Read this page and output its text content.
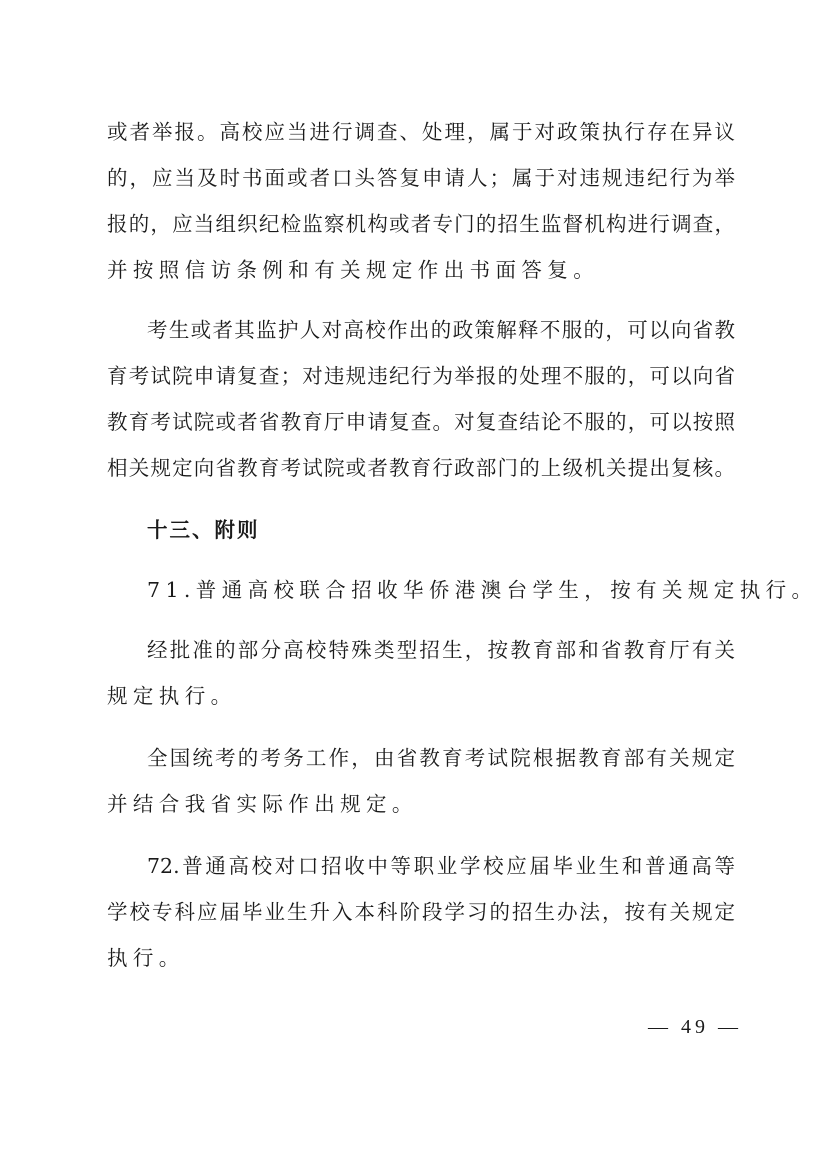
或者举报。高校应当进行调查、处理，属于对政策执行存在异议
的，应当及时书面或者口头答复申请人；属于对违规违纪行为举
报的，应当组织纪检监察机构或者专门的招生监督机构进行调查，
并按照信访条例和有关规定作出书面答复。
考生或者其监护人对高校作出的政策解释不服的，可以向省教
育考试院申请复查；对违规违纪行为举报的处理不服的，可以向省
教育考试院或者省教育厅申请复查。对复查结论不服的，可以按照
相关规定向省教育考试院或者教育行政部门的上级机关提出复核。
十三、附则
71.普通高校联合招收华侨港澳台学生，按有关规定执行。
经批准的部分高校特殊类型招生，按教育部和省教育厅有关
规定执行。
全国统考的考务工作，由省教育考试院根据教育部有关规定
并结合我省实际作出规定。
72.普通高校对口招收中等职业学校应届毕业生和普通高等
学校专科应届毕业生升入本科阶段学习的招生办法，按有关规定
执行。
— 49 —
